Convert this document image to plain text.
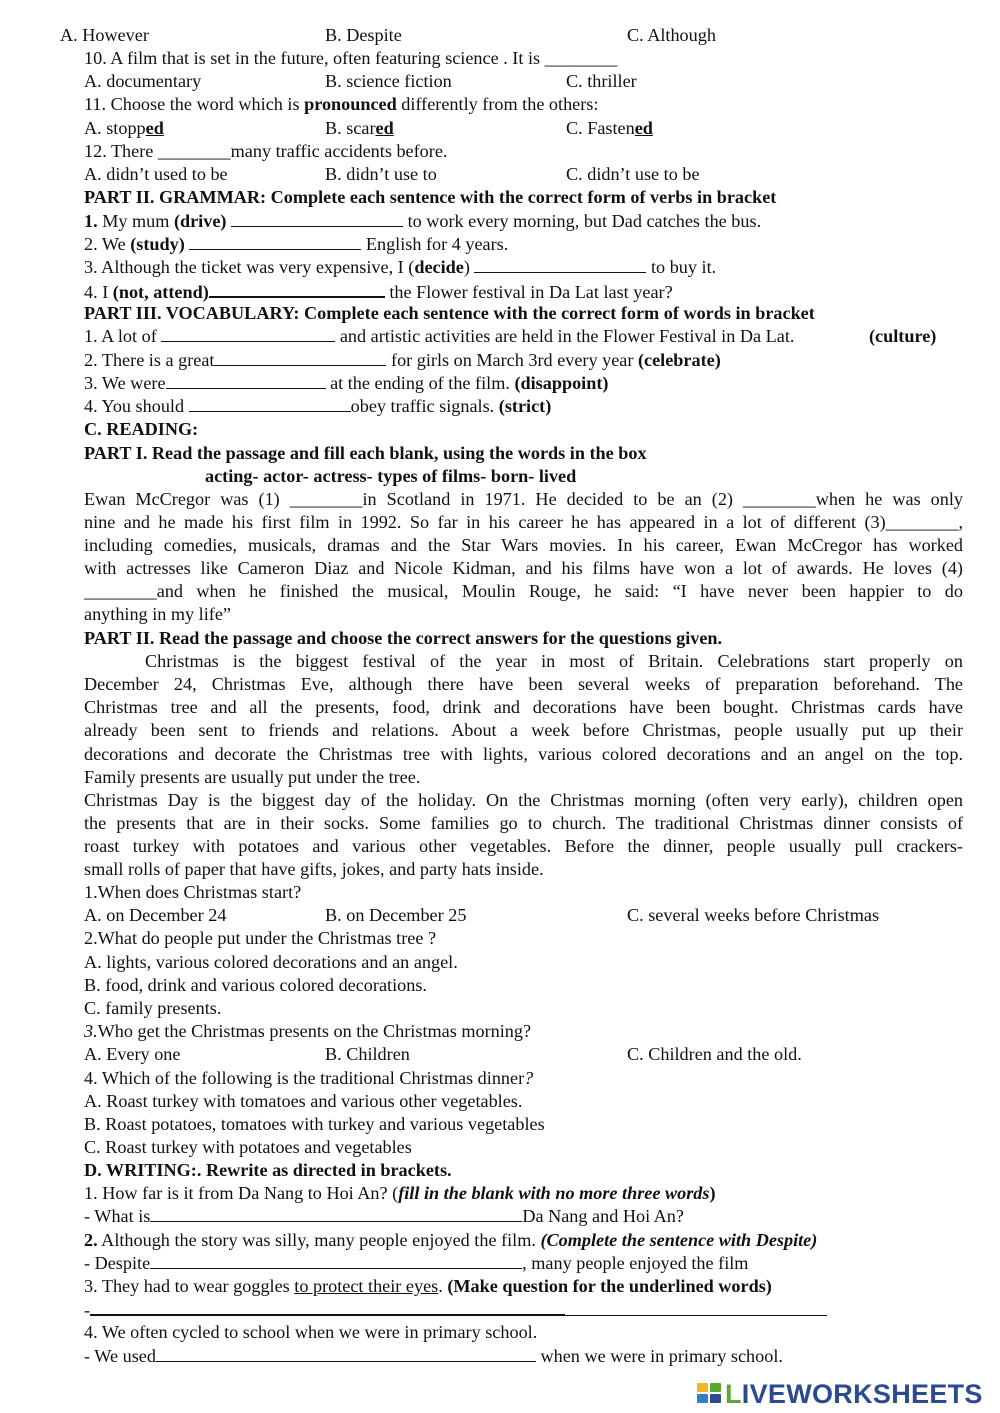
A. However	B. Despite	C. Although
10. A film that is set in the future, often featuring science . It is ________
A. documentary	B. science fiction	C. thriller
11. Choose the word which is pronounced differently from the others:
A. stopped	B. scared	C. Fastened
12. There ________many traffic accidents before.
A. didn’t used to be	B. didn’t use to	C. didn’t use to be
PART II. GRAMMAR: Complete each sentence with the correct form of verbs in bracket
1. My mum (drive)	to work every morning, but Dad catches the bus.
2. We (study)	English for 4 years.
3. Although the ticket was very expensive, I (decide)	to buy it.
4. I (not, attend)	the Flower festival in Da Lat last year?
PART III. VOCABULARY: Complete each sentence with the correct form of words in bracket
1. A lot of	and artistic activities are held in the Flower Festival in Da Lat.	(culture)
2. There is a great	for girls on March 3rd every year (celebrate)
3. We were	at the ending of the film. (disappoint)
4. You should	obey traffic signals. (strict)
C. READING:
PART I. Read the passage and fill each blank, using the words in the box
acting- actor- actress- types of films- born- lived
Ewan McCregor was (1) ________in Scotland in 1971. He decided to be an (2) ________when he was only
nine and he made his first film in 1992. So far in his career he has appeared in a lot of different (3)________,
including comedies, musicals, dramas and the Star Wars movies. In his career, Ewan McCregor has worked
with actresses like Cameron Diaz and Nicole Kidman, and his films have won a lot of awards. He loves (4)
________and when he finished the musical, Moulin Rouge, he said: “I have never been happier to do
anything in my life”
PART II. Read the passage and choose the correct answers for the questions given.
Christmas is the biggest festival of the year in most of Britain. Celebrations start properly on
December 24, Christmas Eve, although there have been several weeks of preparation beforehand. The
Christmas tree and all the presents, food, drink and decorations have been bought. Christmas cards have
already been sent to friends and relations. About a week before Christmas, people usually put up their
decorations and decorate the Christmas tree with lights, various colored decorations and an angel on the top.
Family presents are usually put under the tree.
Christmas Day is the biggest day of the holiday. On the Christmas morning (often very early), children open
the presents that are in their socks. Some families go to church. The traditional Christmas dinner consists of
roast turkey with potatoes and various other vegetables. Before the dinner, people usually pull crackers-
small rolls of paper that have gifts, jokes, and party hats inside.
1.When does Christmas start?
A. on December 24	B. on December 25	C. several weeks before Christmas
2.What do people put under the Christmas tree ?
A. lights, various colored decorations and an angel.
B. food, drink and various colored decorations.
C. family presents.
3.Who get the Christmas presents on the Christmas morning?
A. Every one	B. Children	C. Children and the old.
4. Which of the following is the traditional Christmas dinner?
A. Roast turkey with tomatoes and various other vegetables.
B. Roast potatoes, tomatoes with turkey and various vegetables
C. Roast turkey with potatoes and vegetables
D. WRITING:. Rewrite as directed in brackets.
1. How far is it from Da Nang to Hoi An? (fill in the blank with no more three words)
- What is	Da Nang and Hoi An?
2. Although the story was silly, many people enjoyed the film. (Complete the sentence with Despite)
- Despite	, many people enjoyed the film
3. They had to wear goggles to protect their eyes. (Make question for the underlined words)
-
4. We often cycled to school when we were in primary school.
- We used	when we were in primary school.
LIVEWORKSHEETS
